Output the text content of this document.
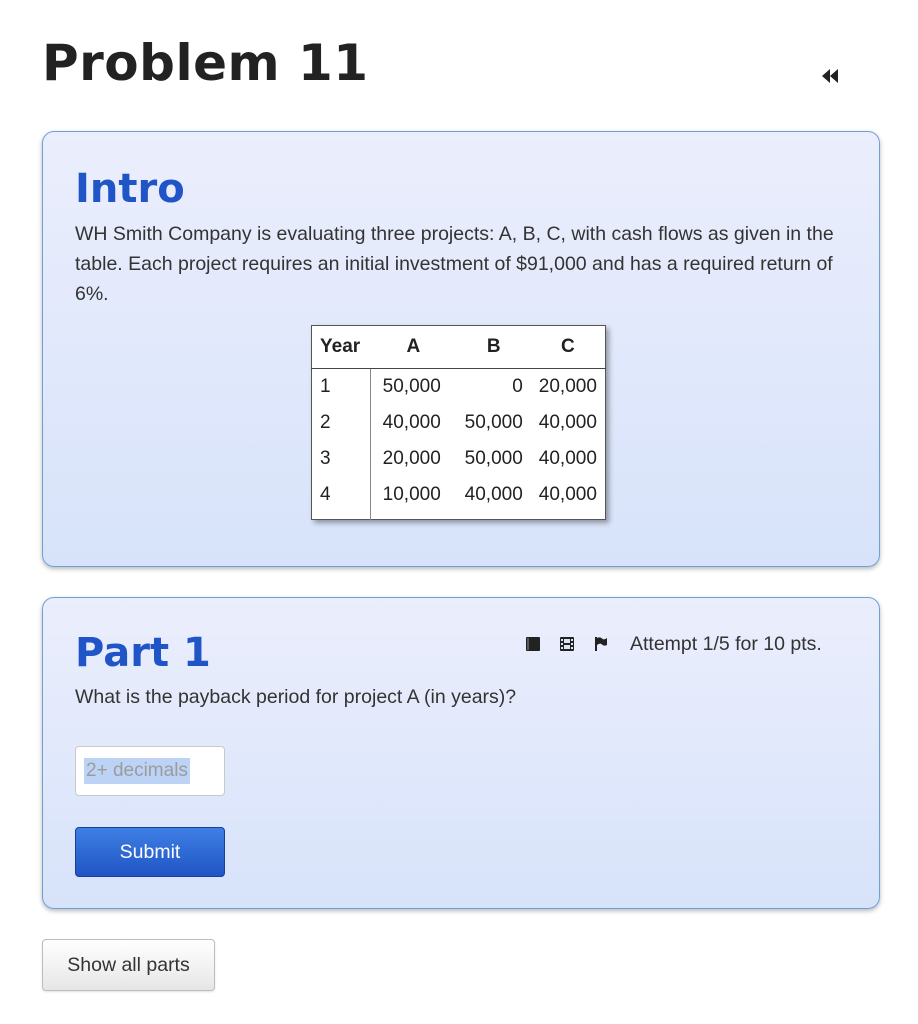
Problem 11
Intro

WH Smith Company is evaluating three projects: A, B, C, with cash flows as given in the table. Each project requires an initial investment of $91,000 and has a required return of 6%.

Year	A	B	C
1	50,000	0	20,000
2	40,000	50,000	40,000
3	20,000	50,000	40,000
4	10,000	40,000	40,000
Part 1	Attempt 1/5 for 10 pts.

What is the payback period for project A (in years)?

2+ decimals
Submit
Show all parts
